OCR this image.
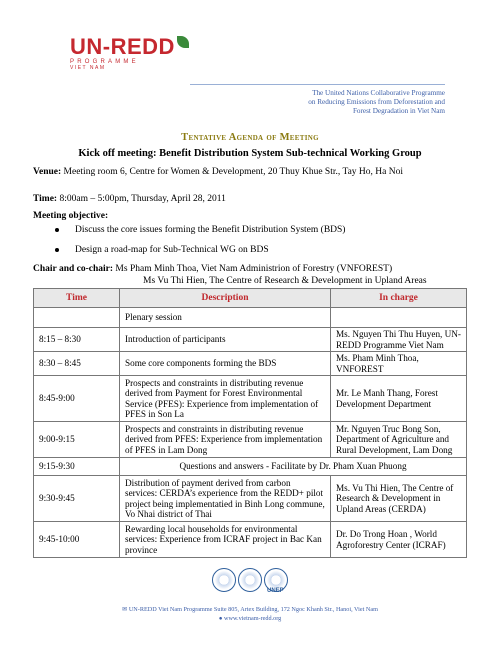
UN-REDD
PROGRAMME
VIET NAM
The United Nations Collaborative Programme
on Reducing Emissions from Deforestation and
Forest Degradation in Viet Nam
Tentative Agenda of Meeting
Kick off meeting: Benefit Distribution System Sub-technical Working Group
Venue: Meeting room 6, Centre for Women & Development, 20 Thuy Khue Str., Tay Ho, Ha Noi
Time: 8:00am – 5:00pm, Thursday, April 28, 2011
Meeting objective:
Discuss the core issues forming the Benefit Distribution System (BDS)
Design a road-map for Sub-Technical WG on BDS
Chair and co-chair: Ms Pham Minh Thoa, Viet Nam Administrion of Forestry (VNFOREST)
Ms Vu Thi Hien, The Centre of Research & Development in Upland Areas
Time	Description	In charge
	Plenary session	
8:15 – 8:30	Introduction of participants	Ms. Nguyen Thi Thu Huyen, UN-REDD Programme Viet Nam
8:30 – 8:45	Some core components forming the BDS	Ms. Pham Minh Thoa, VNFOREST
8:45-9:00	Prospects and constraints in distributing revenue derived from Payment for Forest Environmental Service (PFES): Experience from implementation of PFES in Son La	Mr. Le Manh Thang, Forest Development Department
9:00-9:15	Prospects and constraints in distributing revenue derived from PFES: Experience from implementation of PFES in Lam Dong	Mr. Nguyen Truc Bong Son, Department of Agriculture and Rural Development, Lam Dong
9:15-9:30	Questions and answers - Facilitate by Dr. Pham Xuan Phuong	
9:30-9:45	Distribution of payment derived from carbon services: CERDA’s experience from the REDD+ pilot project being implementatied in Binh Long commune, Vo Nhai district of Thai	Ms. Vu Thi Hien, The Centre of Research & Development in Upland Areas (CERDA)
9:45-10:00	Rewarding local households for environmental services: Experience from ICRAF project in Bac Kan province	Dr. Do Trong Hoan , World Agroforestry Center (ICRAF)
UNEP
✉ UN-REDD Viet Nam Programme Suite 805, Artex Building, 172 Ngoc Khanh Str., Hanoi, Viet Nam
● www.vietnam-redd.org
